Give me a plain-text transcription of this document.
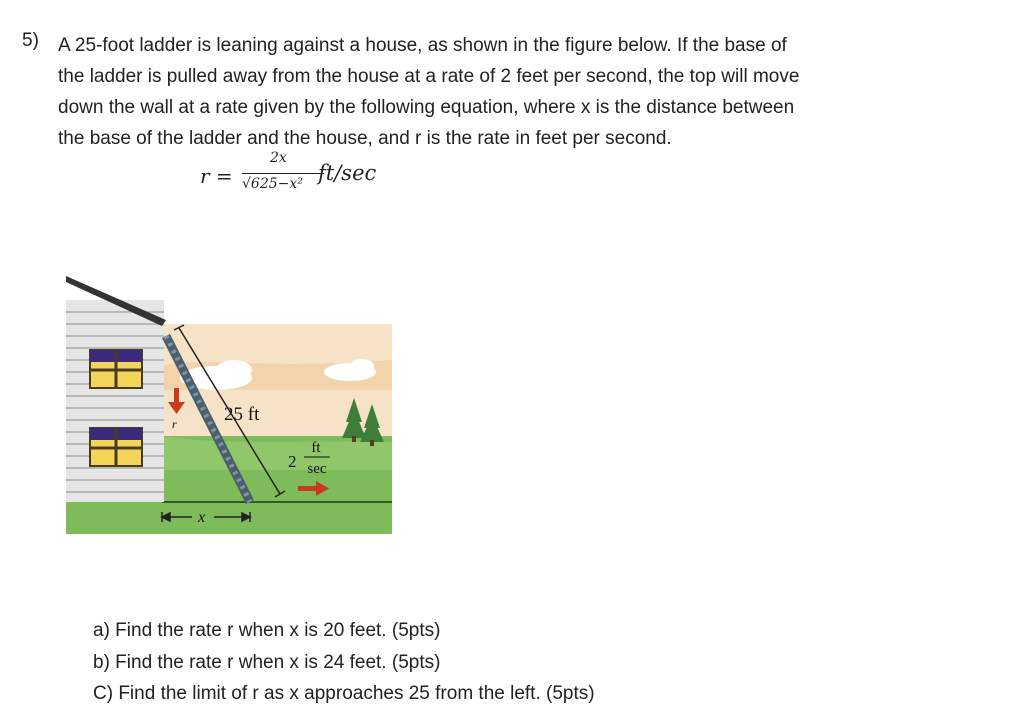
5) A 25-foot ladder is leaning against a house, as shown in the figure below. If the base of
the ladder is pulled away from the house at a rate of 2 feet per second, the top will move
down the wall at a rate given by the following equation, where x is the distance between
the base of the ladder and the house, and r is the rate in feet per second.
r =
2x
√625−x² ft/sec
25 ft
r
2
ft
sec
x
a) Find the rate r when x is 20 feet. (5pts)
b) Find the rate r when x is 24 feet. (5pts)
C) Find the limit of r as x approaches 25 from the left. (5pts)
